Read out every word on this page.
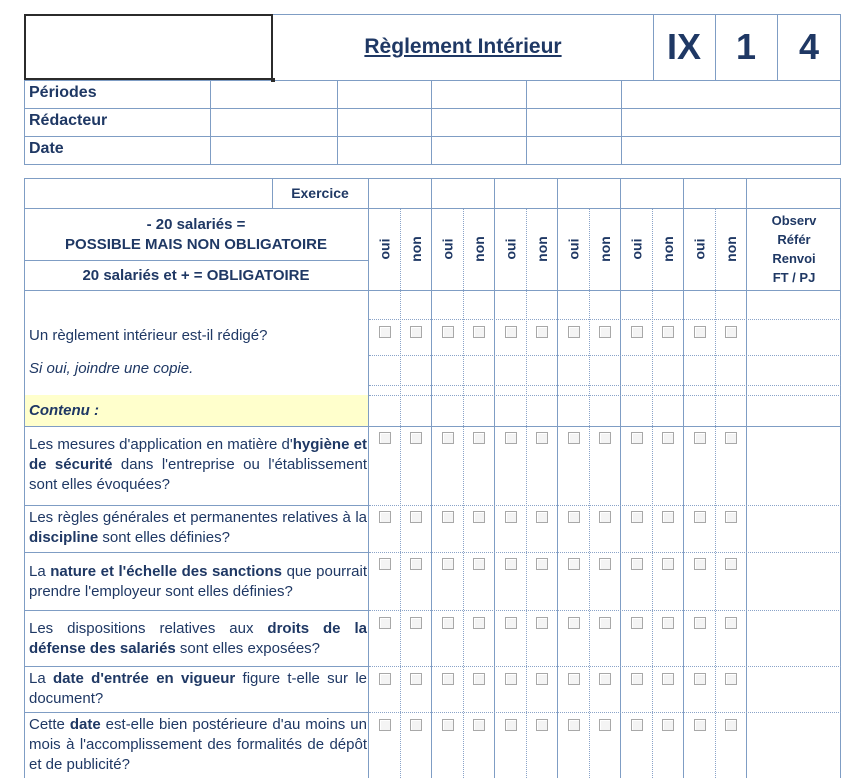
Règlement Intérieur	IX 1	4
Périodes
Rédacteur
Date
Exercice
- 20 salariés =
POSSIBLE MAIS NON OBLIGATOIRE
20 salariés et + = OBLIGATOIRE
oui non oui non oui non oui non oui non oui non
Observ
Référ
Renvoi
FT / PJ
Un règlement intérieur est-il rédigé?
Si oui, joindre une copie.
Contenu :
Les mesures d'application en matière d'hygiène et de sécurité dans l'entreprise ou l'établissement sont elles évoquées?
Les règles générales et permanentes relatives à la discipline sont elles définies?
La nature et l'échelle des sanctions que pourrait prendre l'employeur sont elles définies?
Les dispositions relatives aux droits de la défense des salariés sont elles exposées?
La date d'entrée en vigueur figure t-elle sur le document?
Cette date est-elle bien postérieure d'au moins un mois à l'accomplissement des formalités de dépôt et de publicité?
